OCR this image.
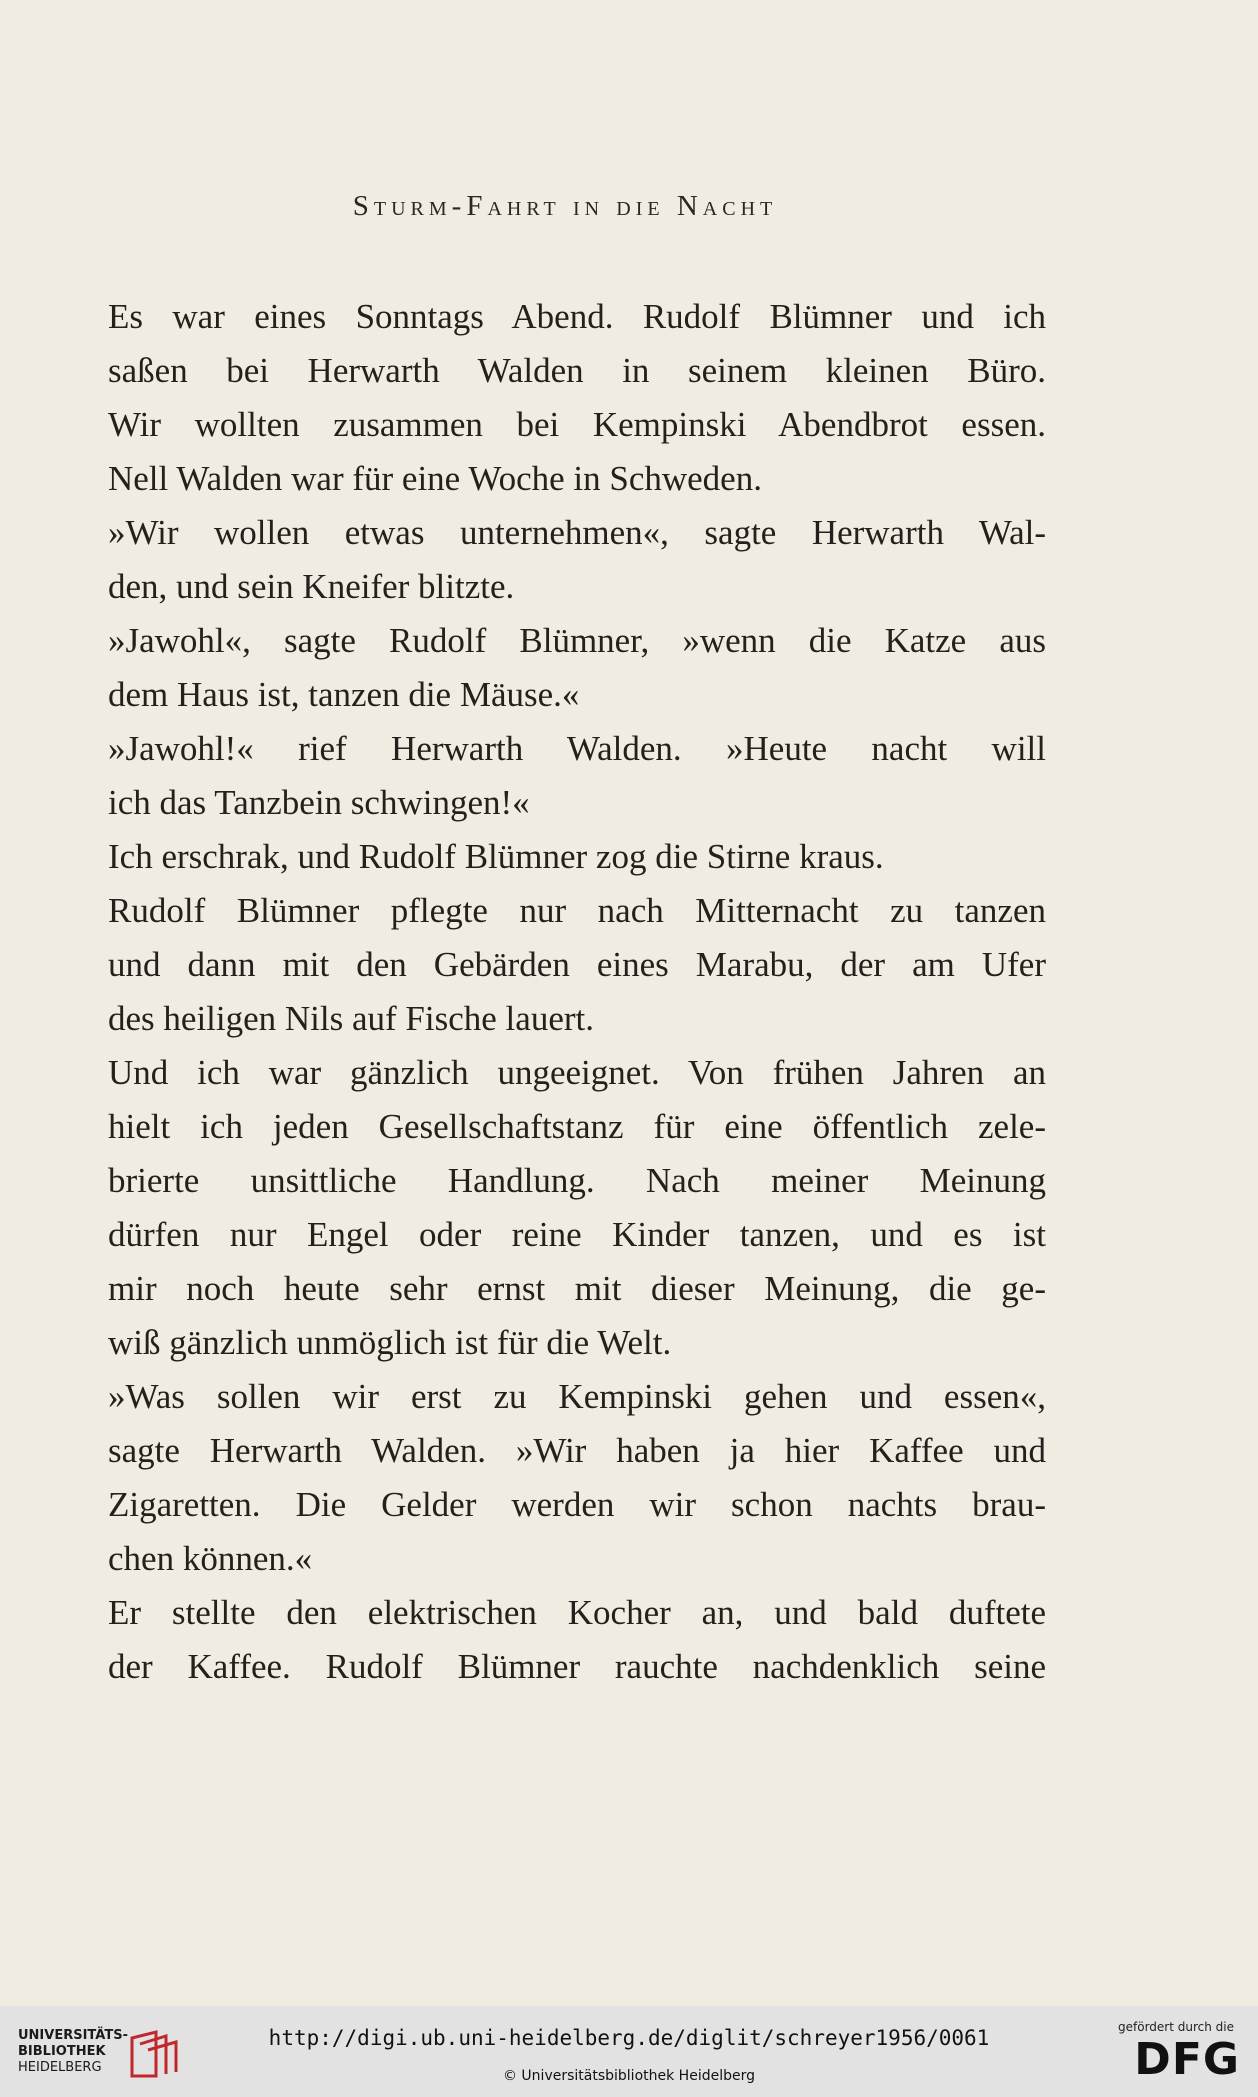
Sturm-Fahrt in die Nacht
Es war eines Sonntags Abend. Rudolf Blümner und ich
saßen bei Herwarth Walden in seinem kleinen Büro.
Wir wollten zusammen bei Kempinski Abendbrot essen.
Nell Walden war für eine Woche in Schweden.
»Wir wollen etwas unternehmen«, sagte Herwarth Wal-
den, und sein Kneifer blitzte.
»Jawohl«, sagte Rudolf Blümner, »wenn die Katze aus
dem Haus ist, tanzen die Mäuse.«
»Jawohl!« rief Herwarth Walden. »Heute nacht will
ich das Tanzbein schwingen!«
Ich erschrak, und Rudolf Blümner zog die Stirne kraus.
Rudolf Blümner pflegte nur nach Mitternacht zu tanzen
und dann mit den Gebärden eines Marabu, der am Ufer
des heiligen Nils auf Fische lauert.
Und ich war gänzlich ungeeignet. Von frühen Jahren an
hielt ich jeden Gesellschaftstanz für eine öffentlich zele-
brierte unsittliche Handlung. Nach meiner Meinung
dürfen nur Engel oder reine Kinder tanzen, und es ist
mir noch heute sehr ernst mit dieser Meinung, die ge-
wiß gänzlich unmöglich ist für die Welt.
»Was sollen wir erst zu Kempinski gehen und essen«,
sagte Herwarth Walden. »Wir haben ja hier Kaffee und
Zigaretten. Die Gelder werden wir schon nachts brau-
chen können.«
Er stellte den elektrischen Kocher an, und bald duftete
der Kaffee. Rudolf Blümner rauchte nachdenklich seine
UNIVERSITÄTS-
BIBLIOTHEK
HEIDELBERG
http://digi.ub.uni-heidelberg.de/diglit/schreyer1956/0061
© Universitätsbibliothek Heidelberg
gefördert durch die
DFG
